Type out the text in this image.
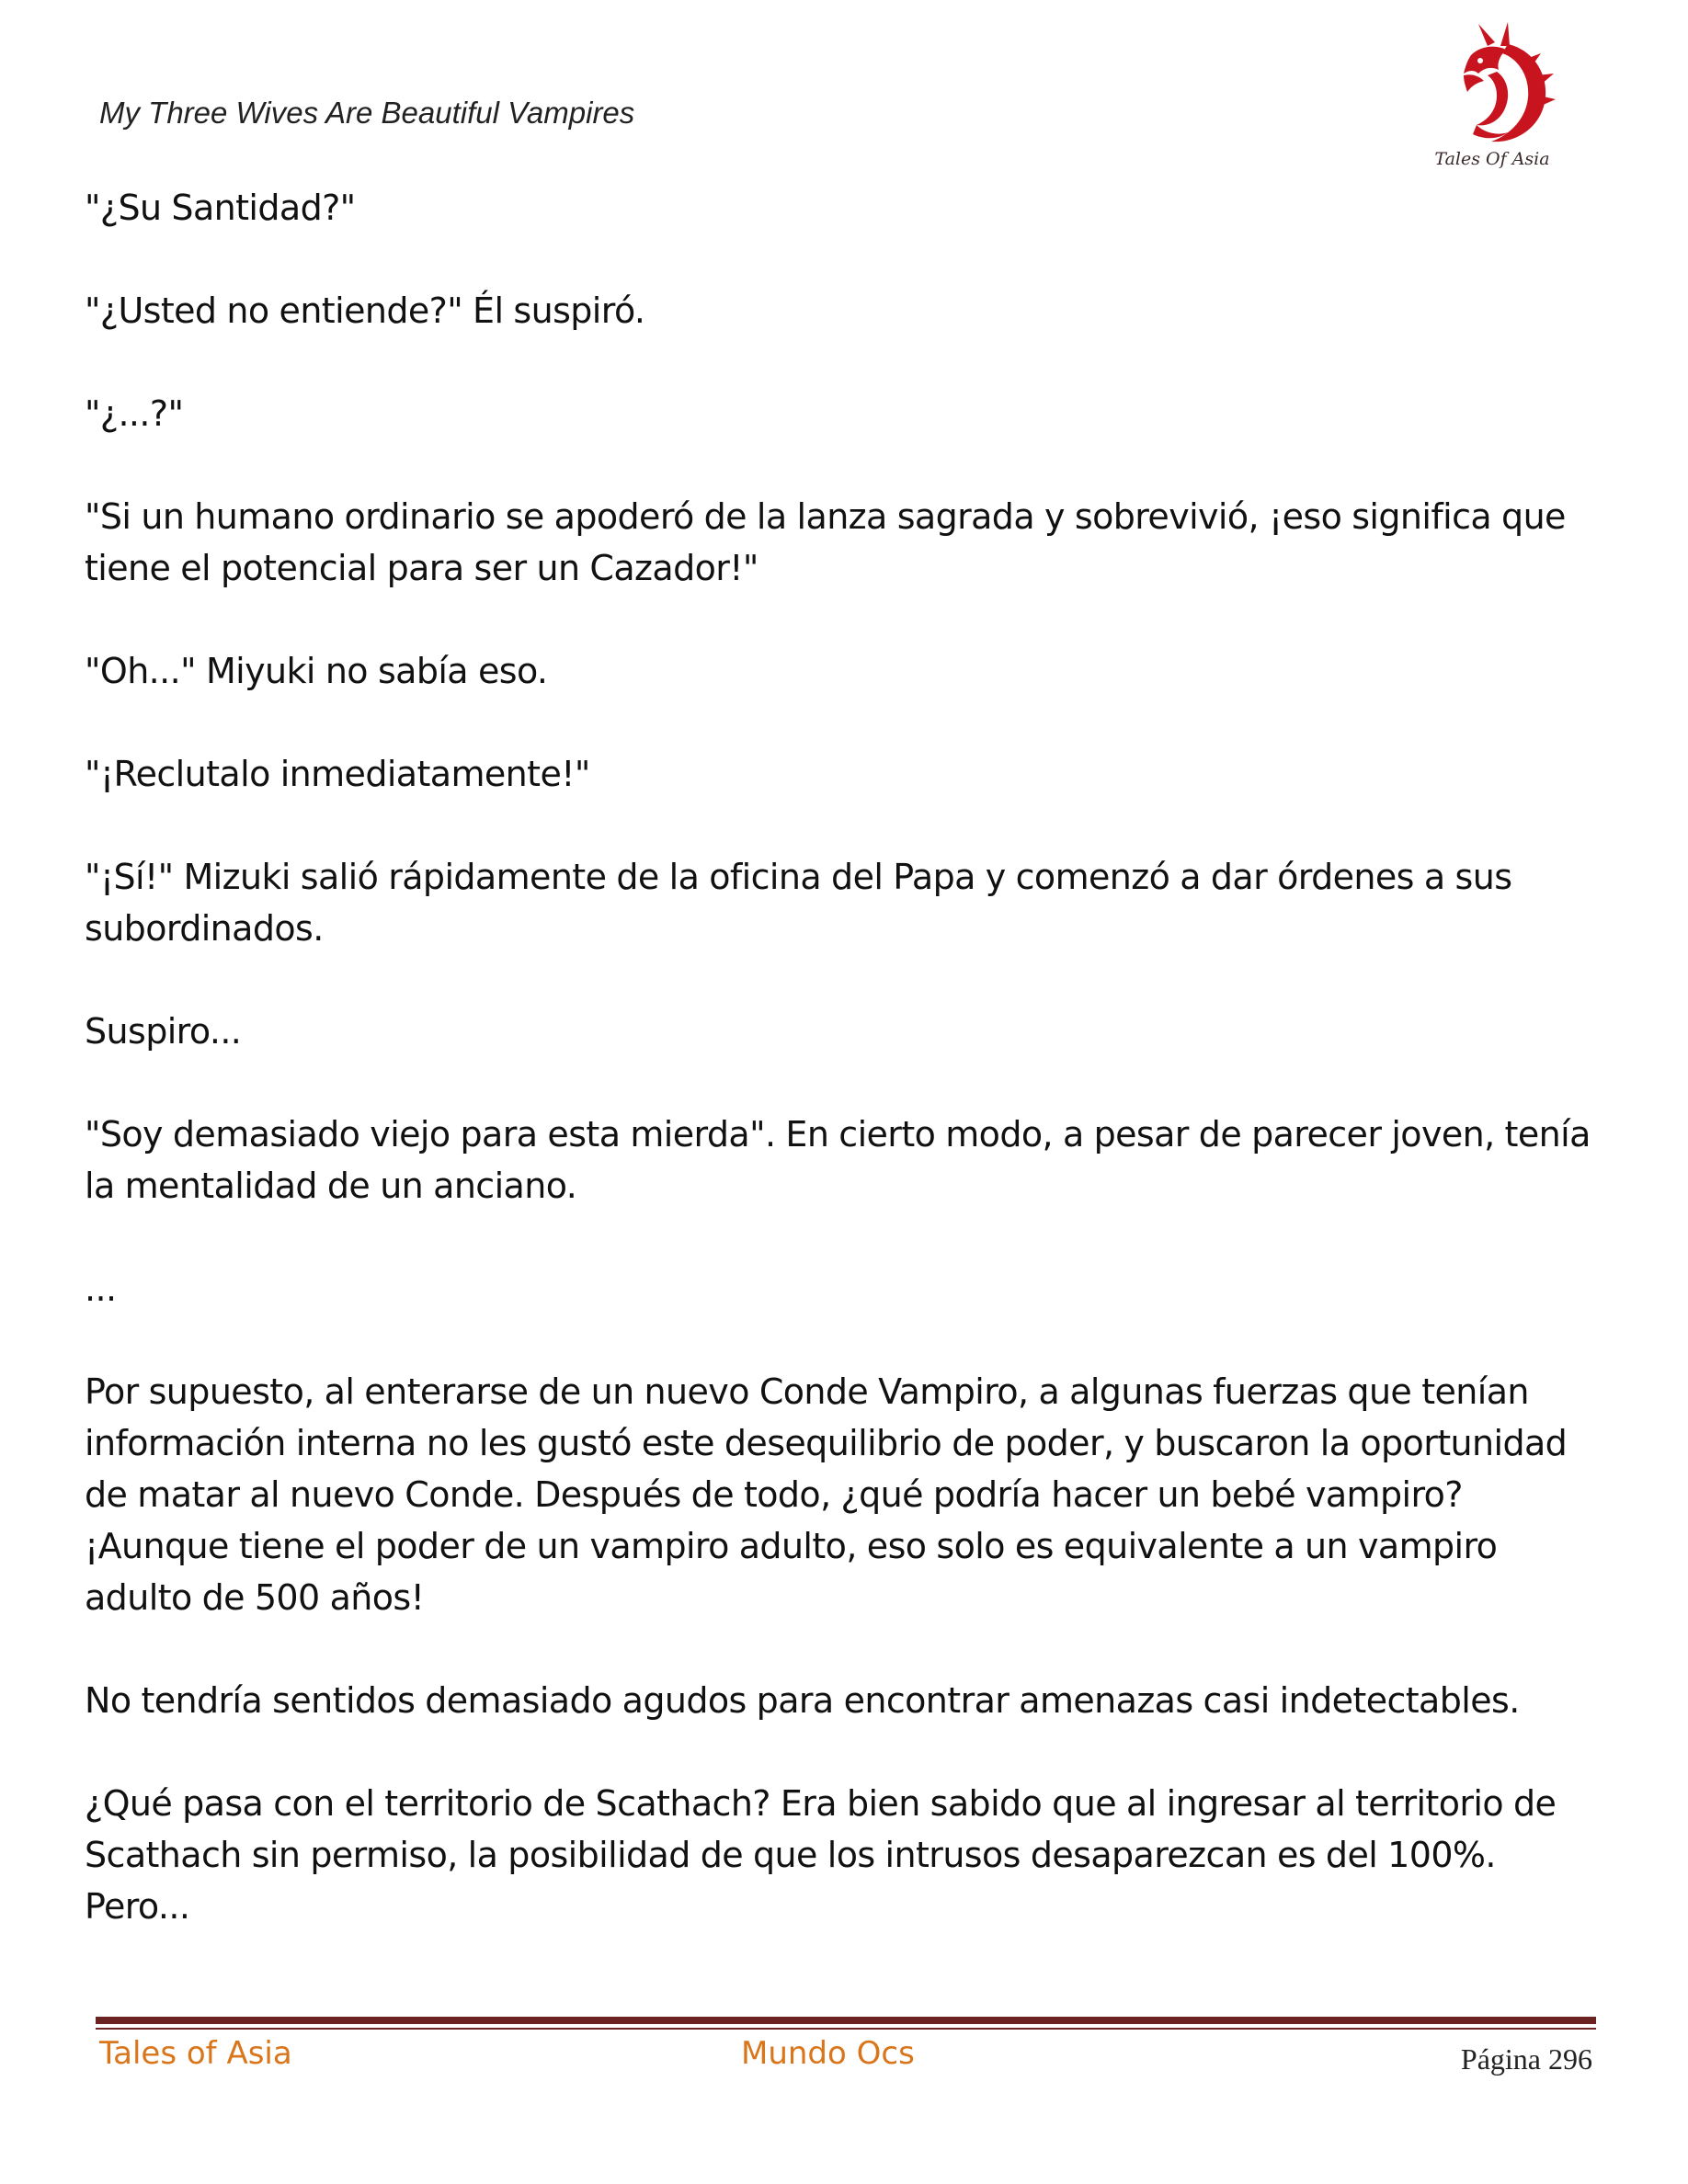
My Three Wives Are Beautiful Vampires
Tales Of Asia

"¿Su Santidad?"

"¿Usted no entiende?" Él suspiró.

"¿...?"

"Si un humano ordinario se apoderó de la lanza sagrada y sobrevivió, ¡eso significa que tiene el potencial para ser un Cazador!"

"Oh..." Miyuki no sabía eso.

"¡Reclutalo inmediatamente!"

"¡Sí!" Mizuki salió rápidamente de la oficina del Papa y comenzó a dar órdenes a sus subordinados.

Suspiro...

"Soy demasiado viejo para esta mierda". En cierto modo, a pesar de parecer joven, tenía la mentalidad de un anciano.

...

Por supuesto, al enterarse de un nuevo Conde Vampiro, a algunas fuerzas que tenían información interna no les gustó este desequilibrio de poder, y buscaron la oportunidad de matar al nuevo Conde. Después de todo, ¿qué podría hacer un bebé vampiro? ¡Aunque tiene el poder de un vampiro adulto, eso solo es equivalente a un vampiro adulto de 500 años!

No tendría sentidos demasiado agudos para encontrar amenazas casi indetectables.

¿Qué pasa con el territorio de Scathach? Era bien sabido que al ingresar al territorio de Scathach sin permiso, la posibilidad de que los intrusos desaparezcan es del 100%. Pero...

Tales of Asia	Mundo Ocs	Página 296
